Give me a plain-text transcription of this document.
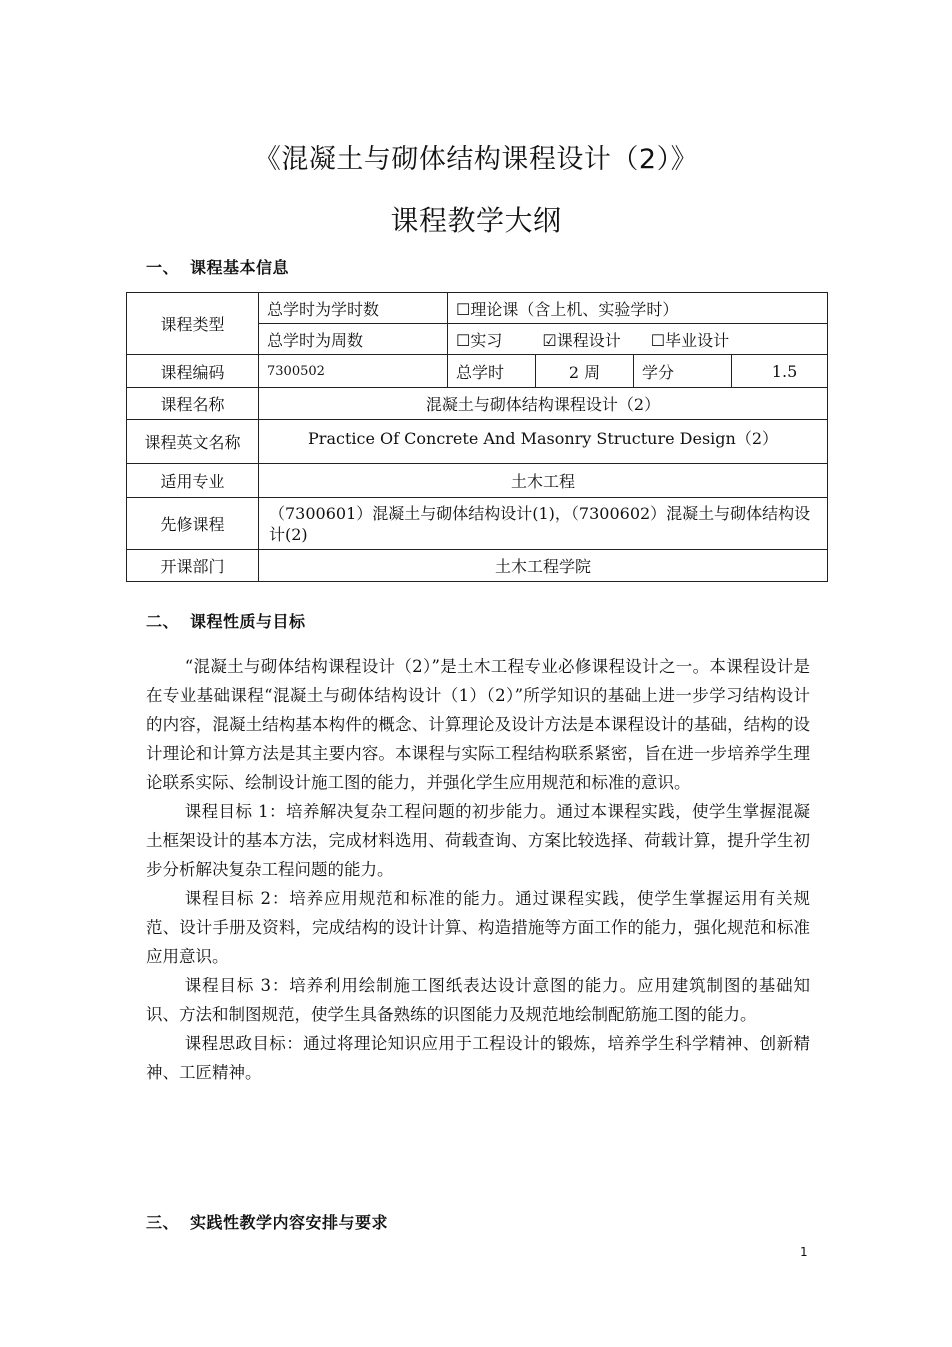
《混凝土与砌体结构课程设计（2）》
课程教学大纲
一、 课程基本信息
课程类型	总学时为学时数	☐理论课（含上机、实验学时）			
	总学时为周数	☐实习 ☑课程设计 ☐毕业设计			
课程编码	7300502	总学时	2 周	学分	1.5
课程名称	混凝土与砌体结构课程设计（2）				
课程英文名称	Practice Of Concrete And Masonry Structure Design（2）				
适用专业	土木工程				
先修课程	（7300601）混凝土与砌体结构设计(1)，（7300602）混凝土与砌体结构设计(2)				
开课部门	土木工程学院				
二、 课程性质与目标

“混凝土与砌体结构课程设计（2）”是土木工程专业必修课程设计之一。本课程设计是在专业基础课程“混凝土与砌体结构设计（1）（2）”所学知识的基础上进一步学习结构设计的内容，混凝土结构基本构件的概念、计算理论及设计方法是本课程设计的基础，结构的设计理论和计算方法是其主要内容。本课程与实际工程结构联系紧密，旨在进一步培养学生理论联系实际、绘制设计施工图的能力，并强化学生应用规范和标准的意识。

课程目标 1：培养解决复杂工程问题的初步能力。通过本课程实践，使学生掌握混凝土框架设计的基本方法，完成材料选用、荷载查询、方案比较选择、荷载计算，提升学生初步分析解决复杂工程问题的能力。

课程目标 2：培养应用规范和标准的能力。通过课程实践，使学生掌握运用有关规范、设计手册及资料，完成结构的设计计算、构造措施等方面工作的能力，强化规范和标准应用意识。

课程目标 3：培养利用绘制施工图纸表达设计意图的能力。应用建筑制图的基础知识、方法和制图规范，使学生具备熟练的识图能力及规范地绘制配筋施工图的能力。

课程思政目标：通过将理论知识应用于工程设计的锻炼，培养学生科学精神、创新精神、工匠精神。

三、 实践性教学内容安排与要求
1
